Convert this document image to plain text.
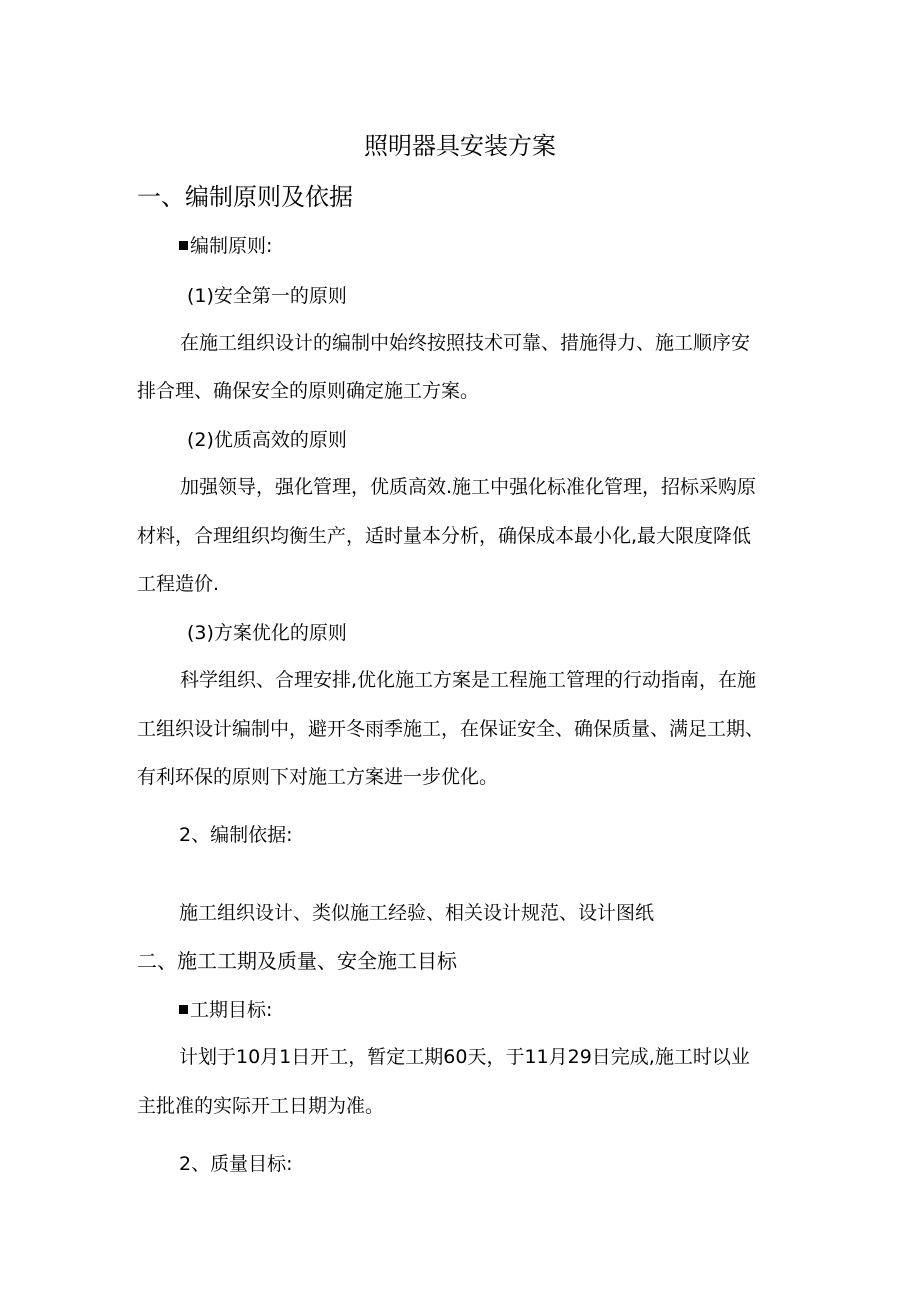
照明器具安装方案
一、编制原则及依据
编制原则:
(1)安全第一的原则
在施工组织设计的编制中始终按照技术可靠、措施得力、施工顺序安
排合理、确保安全的原则确定施工方案。
(2)优质高效的原则
加强领导，强化管理，优质高效.施工中强化标准化管理，招标采购原
材料，合理组织均衡生产，适时量本分析，确保成本最小化,最大限度降低
工程造价.
(3)方案优化的原则
科学组织、合理安排,优化施工方案是工程施工管理的行动指南，在施
工组织设计编制中，避开冬雨季施工，在保证安全、确保质量、满足工期、
有利环保的原则下对施工方案进一步优化。
2、编制依据:
施工组织设计、类似施工经验、相关设计规范、设计图纸
二、施工工期及质量、安全施工目标
工期目标:
计划于10月1日开工，暂定工期60天，于11月29日完成,施工时以业
主批准的实际开工日期为准。
2、质量目标:
